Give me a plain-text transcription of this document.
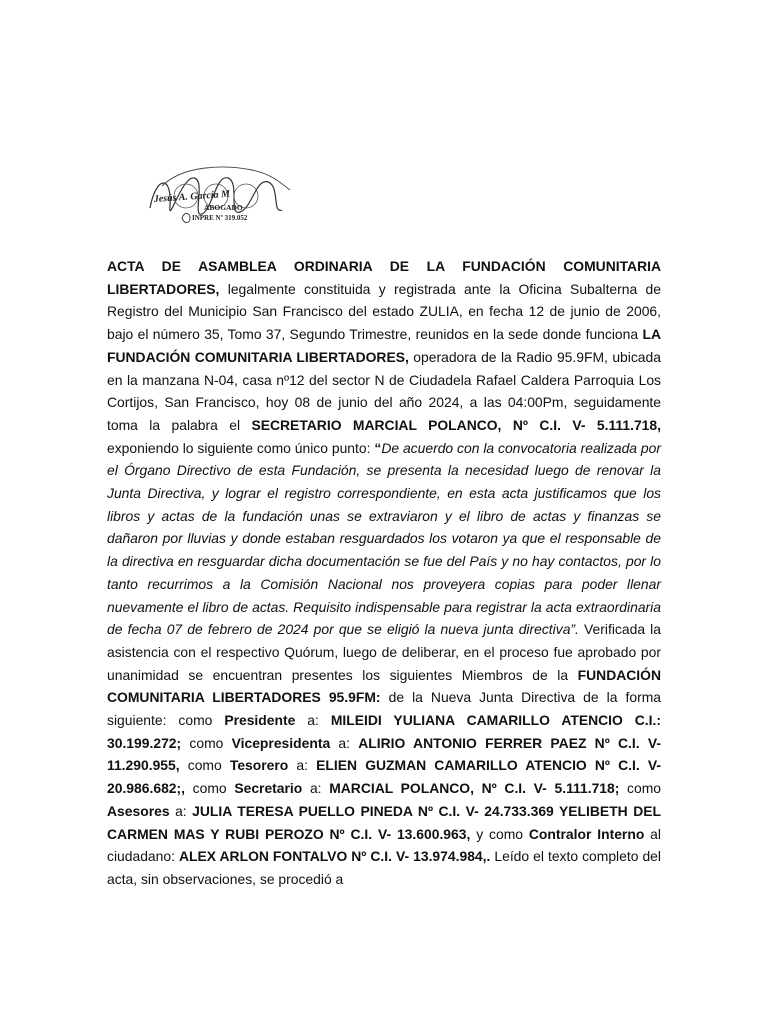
Jesús A. García M
ABOGADO
INPRE Nº 319.052
ACTA DE ASAMBLEA ORDINARIA DE LA FUNDACIÓN COMUNITARIA LIBERTADORES, legalmente constituida y registrada ante la Oficina Subalterna de Registro del Municipio San Francisco del estado ZULIA, en fecha 12 de junio de 2006, bajo el número 35, Tomo 37, Segundo Trimestre, reunidos en la sede donde funciona LA FUNDACIÓN COMUNITARIA LIBERTADORES, operadora de la Radio 95.9FM, ubicada en la manzana N-04, casa nº12 del sector N de Ciudadela Rafael Caldera Parroquia Los Cortijos, San Francisco, hoy 08 de junio del año 2024, a las 04:00Pm, seguidamente toma la palabra el SECRETARIO MARCIAL POLANCO, Nº C.I. V- 5.111.718, exponiendo lo siguiente como único punto: “De acuerdo con la convocatoria realizada por el Órgano Directivo de esta Fundación, se presenta la necesidad luego de renovar la Junta Directiva, y lograr el registro correspondiente, en esta acta justificamos que los libros y actas de la fundación unas se extraviaron y el libro de actas y finanzas se dañaron por lluvias y donde estaban resguardados los votaron ya que el responsable de la directiva en resguardar dicha documentación se fue del País y no hay contactos, por lo tanto recurrimos a la Comisión Nacional nos proveyera copias para poder llenar nuevamente el libro de actas. Requisito indispensable para registrar la acta extraordinaria de fecha 07 de febrero de 2024 por que se eligió la nueva junta directiva”. Verificada la asistencia con el respectivo Quórum, luego de deliberar, en el proceso fue aprobado por unanimidad se encuentran presentes los siguientes Miembros de la FUNDACIÓN COMUNITARIA LIBERTADORES 95.9FM: de la Nueva Junta Directiva de la forma siguiente: como Presidente a: MILEIDI YULIANA CAMARILLO ATENCIO C.I.: 30.199.272; como Vicepresidenta a: ALIRIO ANTONIO FERRER PAEZ Nº C.I. V- 11.290.955, como Tesorero a: ELIEN GUZMAN CAMARILLO ATENCIO Nº C.I. V- 20.986.682;, como Secretario a: MARCIAL POLANCO, Nº C.I. V- 5.111.718; como Asesores a: JULIA TERESA PUELLO PINEDA Nº C.I. V- 24.733.369 YELIBETH DEL CARMEN MAS Y RUBI PEROZO Nº C.I. V- 13.600.963, y como Contralor Interno al ciudadano: ALEX ARLON FONTALVO Nº C.I. V- 13.974.984,. Leído el texto completo del acta, sin observaciones, se procedió a
